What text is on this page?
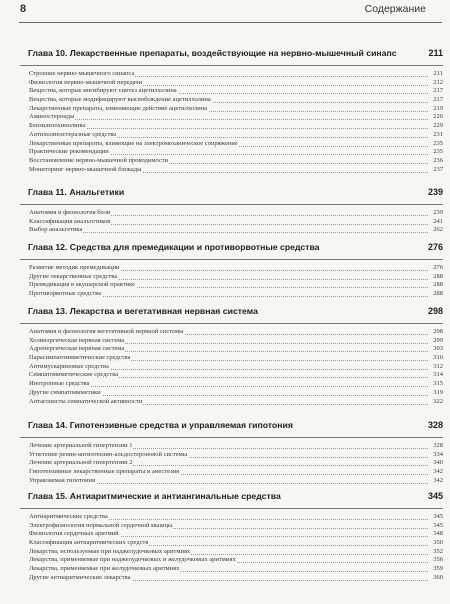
8	Содержание
Глава 10. Лекарственные препараты, воздействующие на нервно-мышечный синапс	211
Строение нервно-мышечного синапса	211
Физиология нервно-мышечной передачи	212
Вещества, которые ингибируют синтез ацетилхолина	217
Вещества, которые модифицируют высвобождение ацетилхолина	217
Лекарственные препараты, изменяющие действие ацетилхолина	219
Аминостероиды	226
Бензилизохинолины	229
Антихолинэстеразные средства	231
Лекарственные препараты, влияющие на электромеханическое сопряжение	235
Практические рекомендации	235
Восстановление нервно-мышечной проводимости	236
Мониторинг нервно-мышечной блокады	237
Глава 11. Анальгетики	239
Анатомия и физиология боли	239
Классификация анальгетиков	241
Выбор анальгетика	262
Глава 12. Средства для премедикации и противорвотные средства	276
Развитие методик премедикации	276
Другие лекарственные средства	288
Премедикация в акушерской практике	288
Противорвотные средства	288
Глава 13. Лекарства и вегетативная нервная система	298
Анатомия и физиология вегетативной нервной системы	298
Холинэргическая нервная система	299
Адренергическая нервная система	303
Парасимпатомиметические средства	310
Антимускариновые средства	312
Симпатомиметические средства	314
Инотропные средства	315
Другие симпатомиметики	319
Антагонисты симпатической активности	322
Глава 14. Гипотензивные средства и управляемая гипотония	328
Лечение артериальной гипертензии 1	328
Угнетение ренин-ангиотензин-альдостероновой системы	334
Лечение артериальной гипертензии 2	340
Гипотензивные лекарственные препараты и анестезия	342
Управляемая гипотония	342
Глава 15. Антиаритмические и антиангинальные средства	345
Антиаритмические средства	345
Электрофизиология нормальной сердечной мышцы	345
Физиология сердечных аритмий	348
Классификация антиаритмических средств	350
Лекарства, используемые при наджелудочковых аритмиях	352
Лекарства, применяемые при наджелудочковых и желудочковых аритмиях	356
Лекарства, применяемые при желудочковых аритмиях	359
Другие антиаритмические лекарства	360
